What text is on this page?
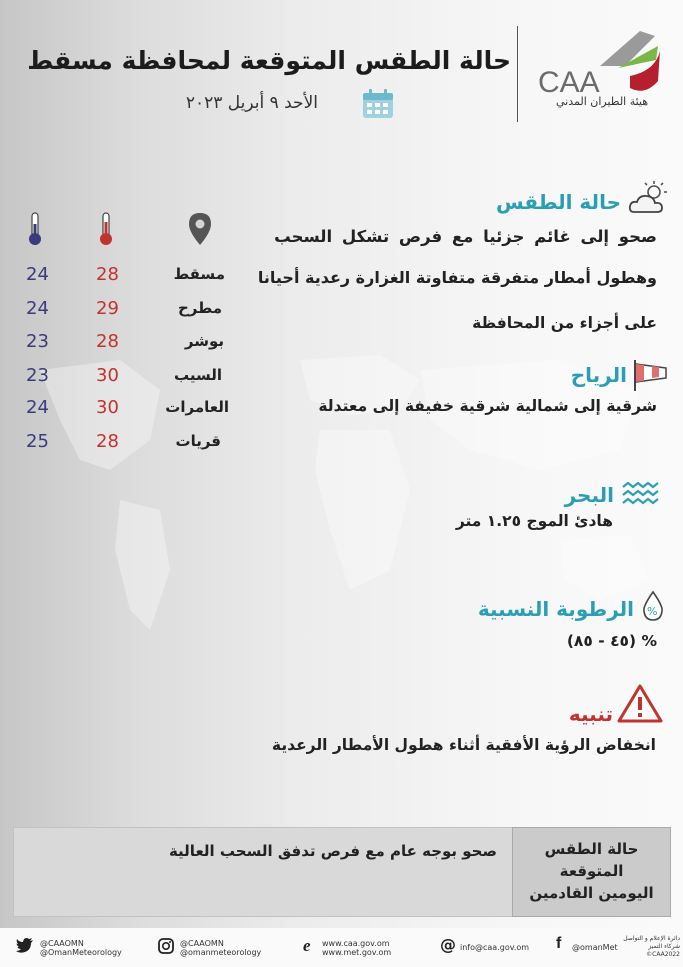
حالة الطقس المتوقعة لمحافظة مسقط
الأحد ٩ أبريل ٢٠٢٣
CAA
هيئة الطيران المدني
حالة الطقس
صحو إلى غائم جزئيا مع فرص تشكل السحب
وهطول أمطار متفرقة متفاوتة الغزارة رعدية أحيانا
على أجزاء من المحافظة
الرياح
شرقية إلى شمالية شرقية خفيفة إلى معتدلة
البحر
هادئ الموج ١.٢٥ متر
%
الرطوبة النسبية
% (٤٥ - ٨٥)
تنبيه
انخفاض الرؤية الأفقية أثناء هطول الأمطار الرعدية
مسقط
28
24
مطرح
29
24
بوشر
28
23
السيب
30
23
العامرات
30
24
قريات
28
25
حالة الطقس
المتوقعة
اليومين القادمين
صحو بوجه عام مع فرص تدفق السحب العالية
@CAAOMN
@OmanMeteorology
@CAAOMN
@omanmeteorology e www.caa.gov.om
www.met.gov.om	@ info@caa.gov.om f @omanMet
دائرة الإعلام و التواصل
شركاء التميز
©CAA2022
